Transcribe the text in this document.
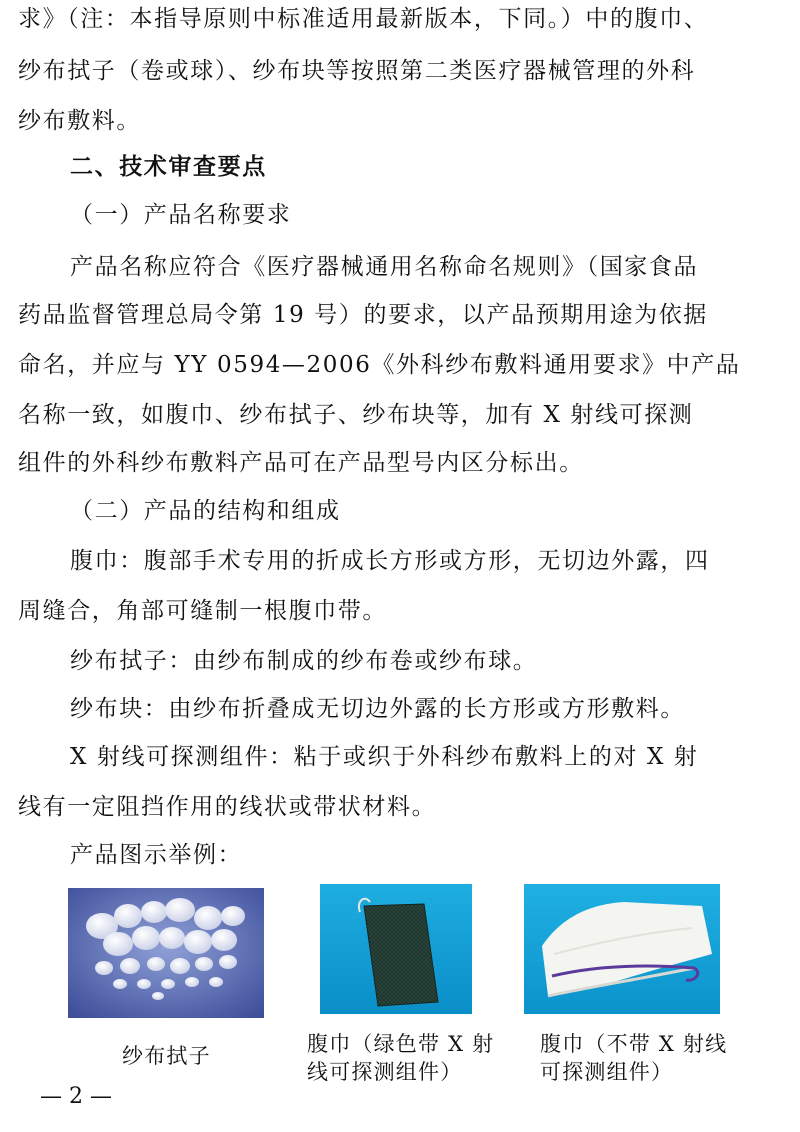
求》（注：本指导原则中标准适用最新版本，下同。）中的腹巾、
纱布拭子（卷或球）、纱布块等按照第二类医疗器械管理的外科
纱布敷料。
二、技术审查要点
（一）产品名称要求
产品名称应符合《医疗器械通用名称命名规则》（国家食品
药品监督管理总局令第 19 号）的要求，以产品预期用途为依据
命名，并应与 YY 0594—2006《外科纱布敷料通用要求》中产品
名称一致，如腹巾、纱布拭子、纱布块等，加有 X 射线可探测
组件的外科纱布敷料产品可在产品型号内区分标出。
（二）产品的结构和组成
腹巾：腹部手术专用的折成长方形或方形，无切边外露，四
周缝合，角部可缝制一根腹巾带。
纱布拭子：由纱布制成的纱布卷或纱布球。
纱布块：由纱布折叠成无切边外露的长方形或方形敷料。
X 射线可探测组件：粘于或织于外科纱布敷料上的对 X 射
线有一定阻挡作用的线状或带状材料。
产品图示举例：
纱布拭子	腹巾（绿色带 X 射
线可探测组件）
腹巾（不带 X 射线
可探测组件）
— 2 —
